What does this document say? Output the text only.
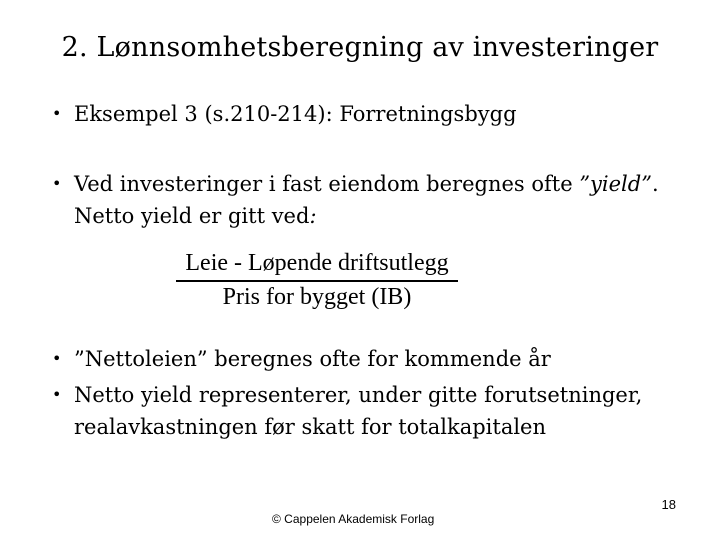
2. Lønnsomhetsberegning av investeringer
• Eksempel 3 (s.210-214): Forretningsbygg
• Ved investeringer i fast eiendom beregnes ofte ”yield”. Netto yield er gitt ved:
Leie - Løpende driftsutlegg
Pris for bygget (IB)
• ”Nettoleien” beregnes ofte for kommende år
• Netto yield representerer, under gitte forutsetninger, realavkastningen før skatt for totalkapitalen
© Cappelen Akademisk Forlag
18
